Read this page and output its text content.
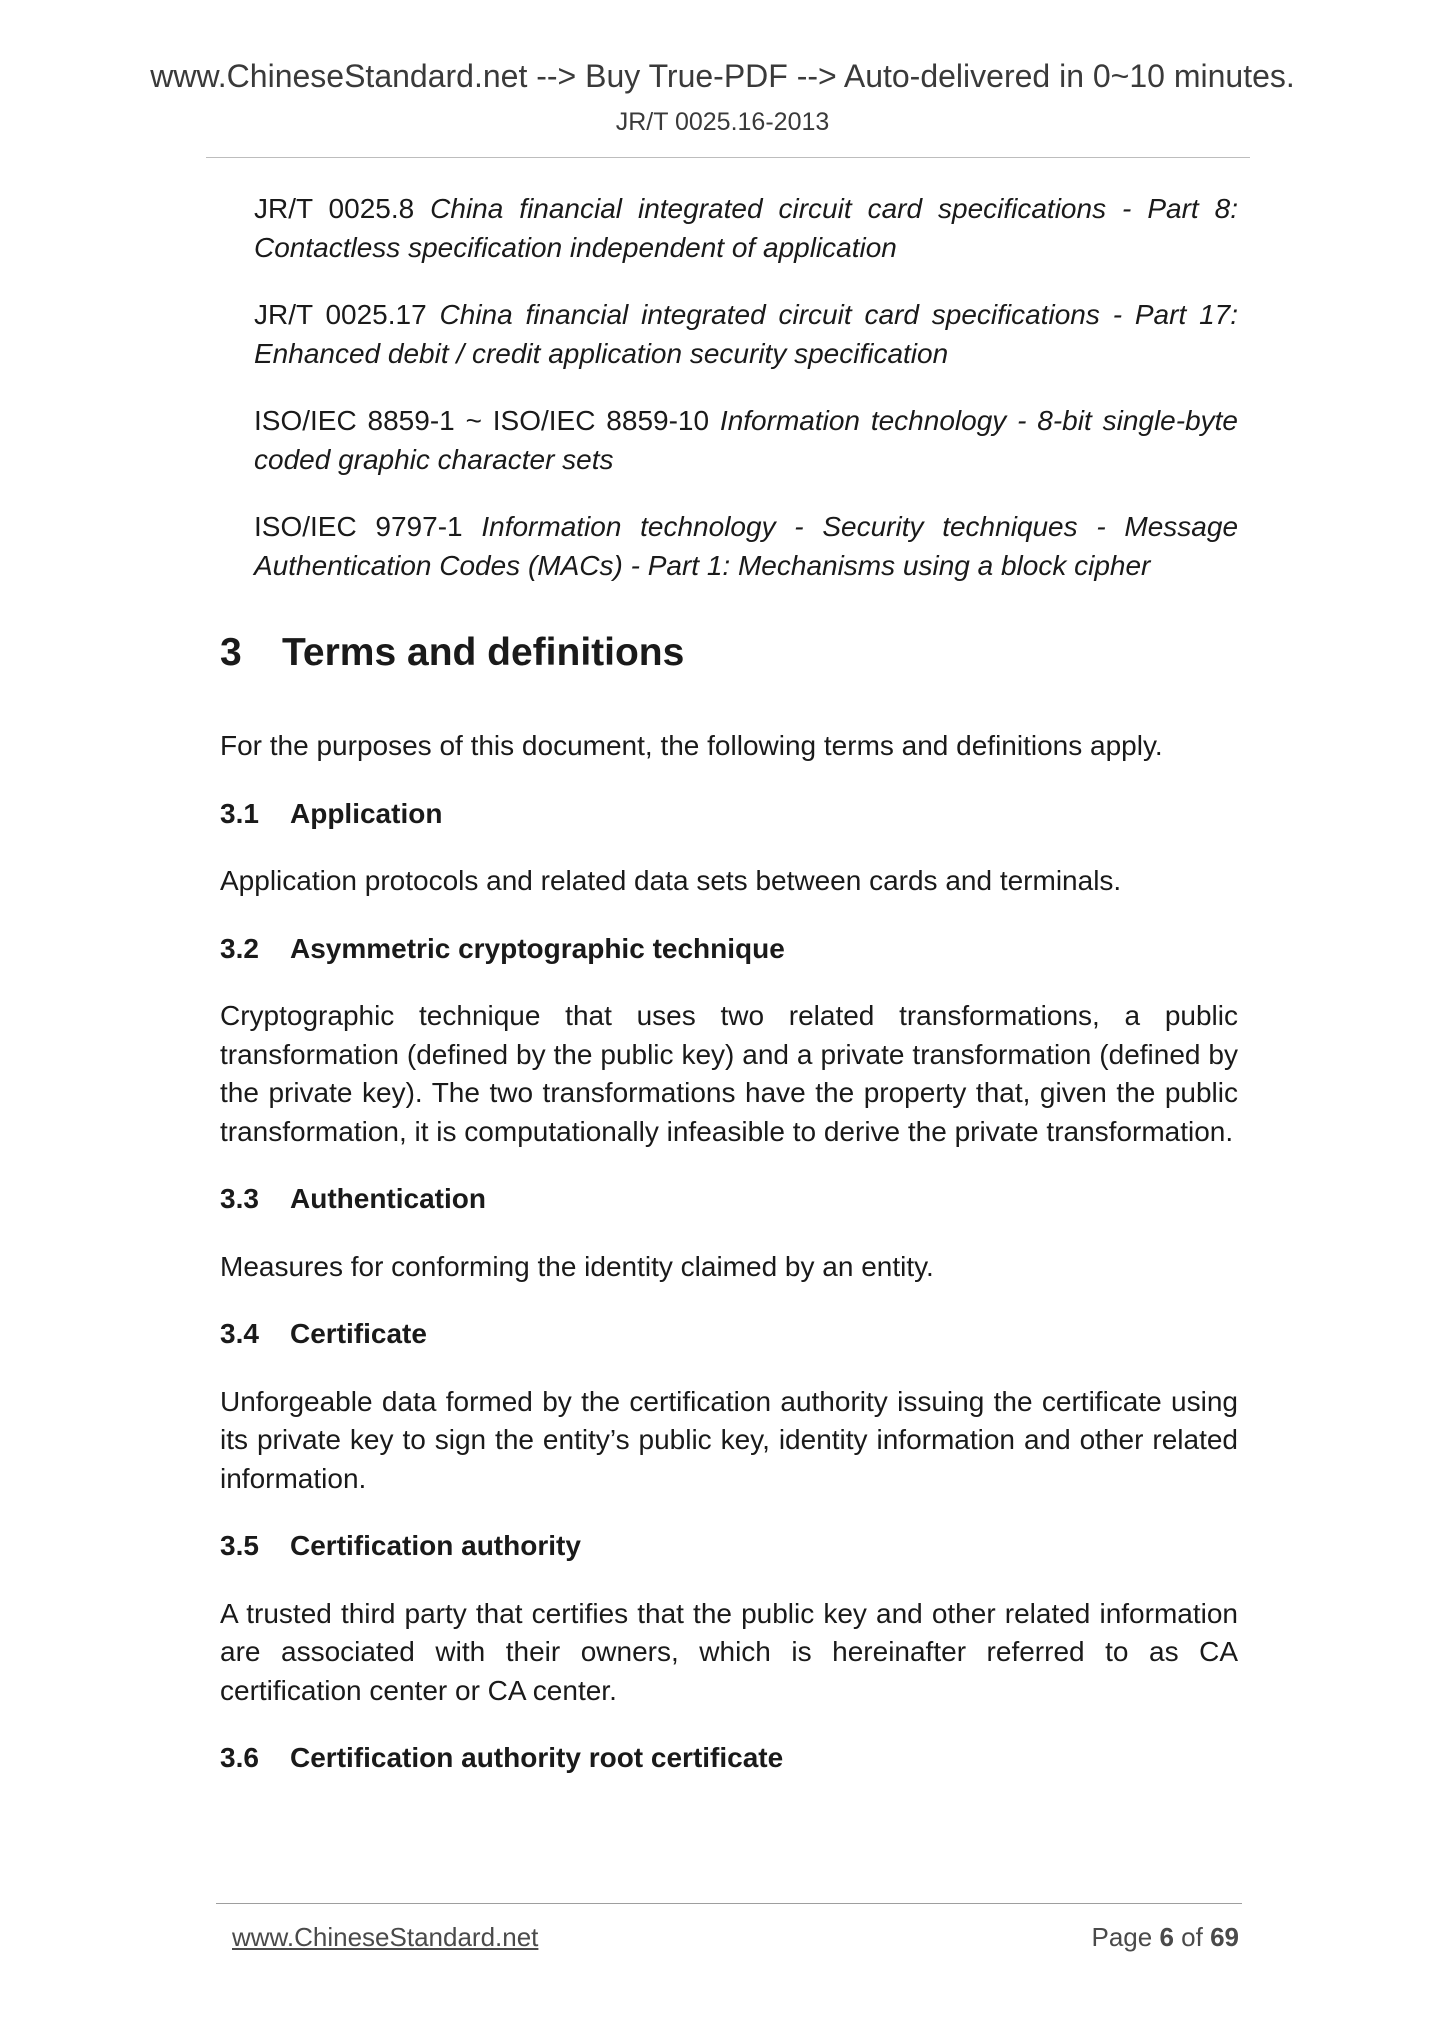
www.ChineseStandard.net --> Buy True-PDF --> Auto-delivered in 0~10 minutes.
JR/T 0025.16-2013

JR/T 0025.8 China financial integrated circuit card specifications - Part 8: Contactless specification independent of application

JR/T 0025.17 China financial integrated circuit card specifications - Part 17: Enhanced debit / credit application security specification

ISO/IEC 8859-1 ~ ISO/IEC 8859-10 Information technology - 8-bit single-byte coded graphic character sets

ISO/IEC 9797-1 Information technology - Security techniques - Message Authentication Codes (MACs) - Part 1: Mechanisms using a block cipher

3 Terms and definitions

For the purposes of this document, the following terms and definitions apply.

3.1 Application

Application protocols and related data sets between cards and terminals.

3.2 Asymmetric cryptographic technique

Cryptographic technique that uses two related transformations, a public transformation (defined by the public key) and a private transformation (defined by the private key). The two transformations have the property that, given the public transformation, it is computationally infeasible to derive the private transformation.

3.3 Authentication

Measures for conforming the identity claimed by an entity.

3.4 Certificate

Unforgeable data formed by the certification authority issuing the certificate using its private key to sign the entity’s public key, identity information and other related information.

3.5 Certification authority

A trusted third party that certifies that the public key and other related information are associated with their owners, which is hereinafter referred to as CA certification center or CA center.

3.6 Certification authority root certificate
www.ChineseStandard.net	Page 6 of 69
